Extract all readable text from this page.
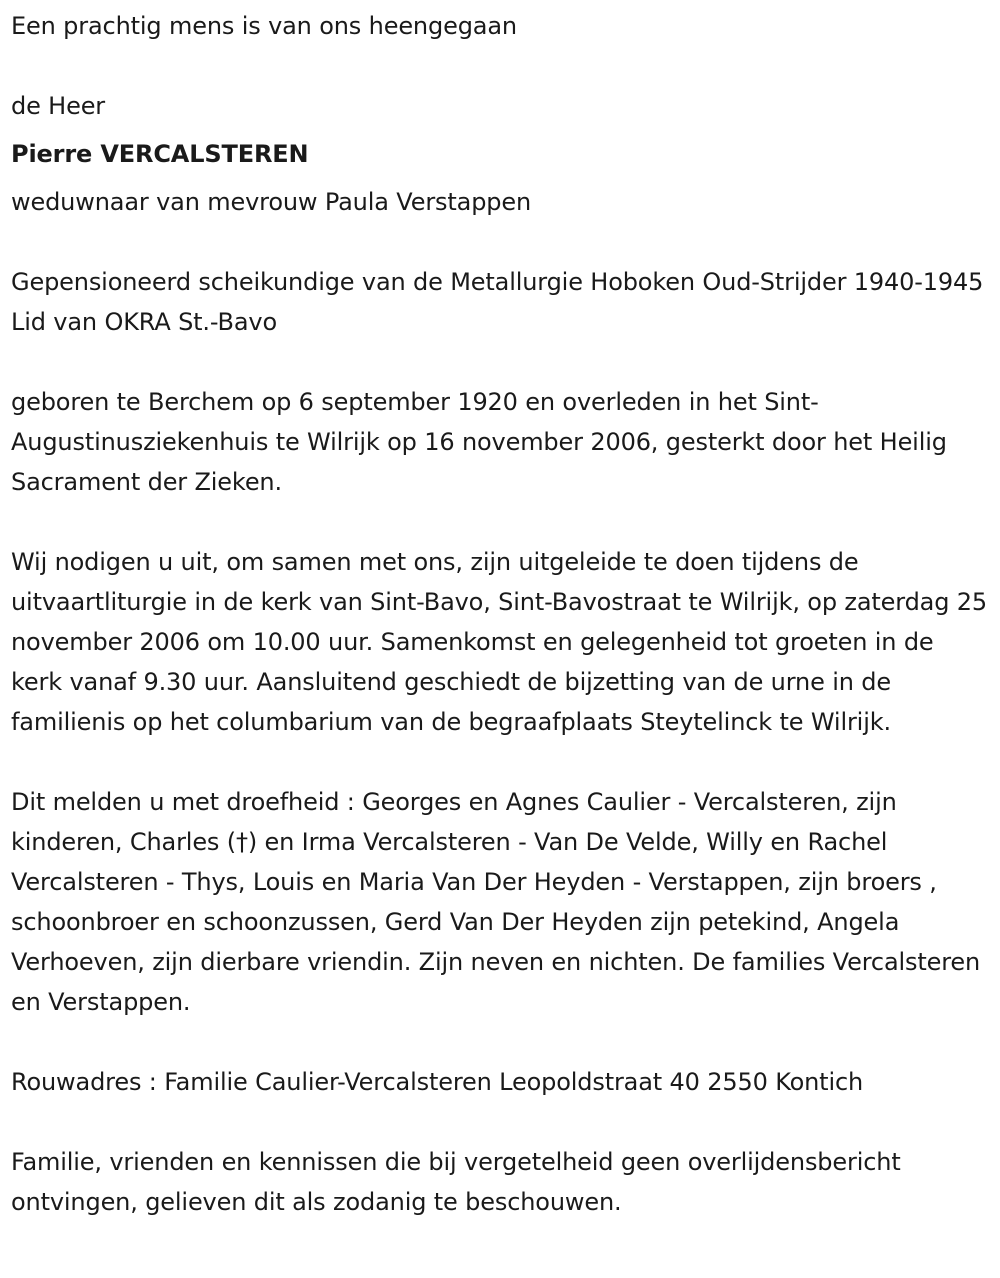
Een prachtig mens is van ons heengegaan

de Heer

Pierre VERCALSTEREN

weduwnaar van mevrouw Paula Verstappen

Gepensioneerd scheikundige van de Metallurgie Hoboken Oud-Strijder 1940-1945 Lid van OKRA St.-Bavo

geboren te Berchem op 6 september 1920 en overleden in het Sint-Augustinusziekenhuis te Wilrijk op 16 november 2006, gesterkt door het Heilig Sacrament der Zieken.

Wij nodigen u uit, om samen met ons, zijn uitgeleide te doen tijdens de uitvaartliturgie in de kerk van Sint-Bavo, Sint-Bavostraat te Wilrijk, op zaterdag 25 november 2006 om 10.00 uur. Samenkomst en gelegenheid tot groeten in de kerk vanaf 9.30 uur. Aansluitend geschiedt de bijzetting van de urne in de familienis op het columbarium van de begraafplaats Steytelinck te Wilrijk.

Dit melden u met droefheid : Georges en Agnes Caulier - Vercalsteren, zijn kinderen, Charles (†) en Irma Vercalsteren - Van De Velde, Willy en Rachel Vercalsteren - Thys, Louis en Maria Van Der Heyden - Verstappen, zijn broers , schoonbroer en schoonzussen, Gerd Van Der Heyden zijn petekind, Angela Verhoeven, zijn dierbare vriendin. Zijn neven en nichten. De families Vercalsteren en Verstappen.

Rouwadres : Familie Caulier-Vercalsteren Leopoldstraat 40 2550 Kontich

Familie, vrienden en kennissen die bij vergetelheid geen overlijdensbericht ontvingen, gelieven dit als zodanig te beschouwen.
